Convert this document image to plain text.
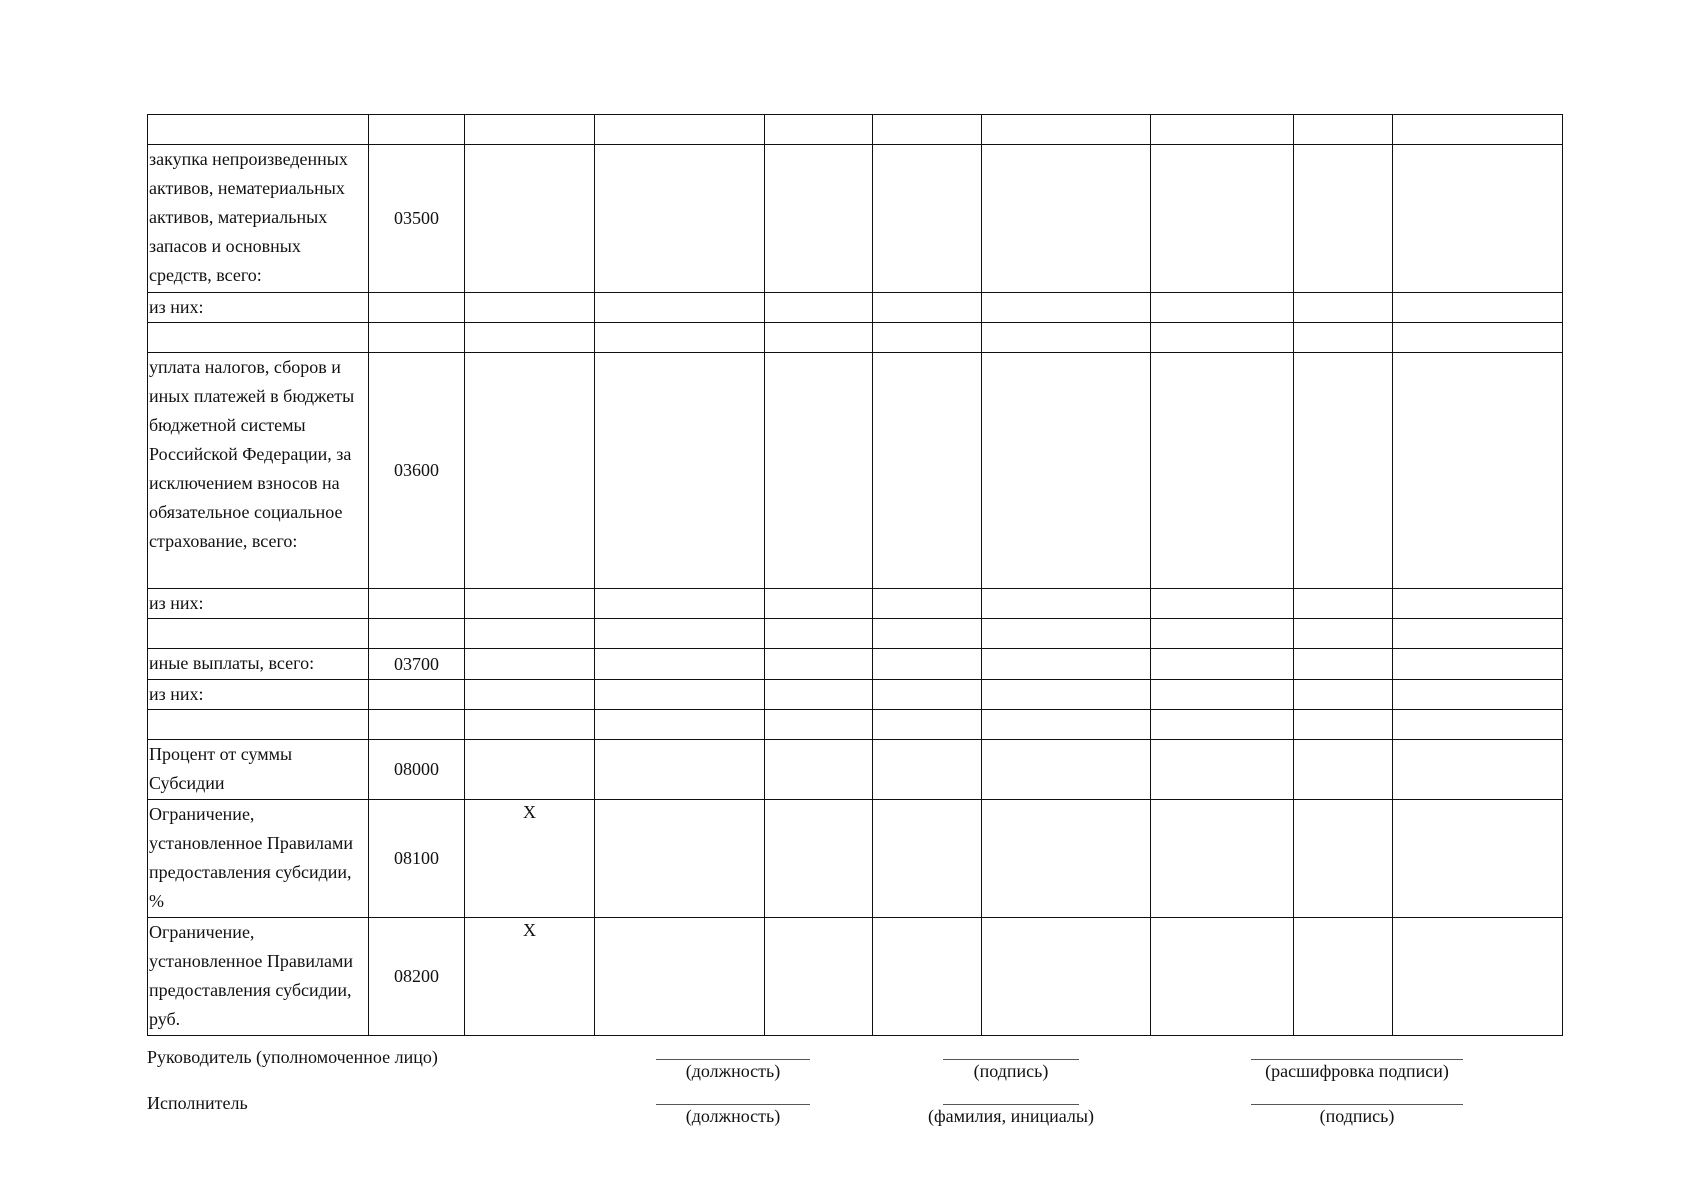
закупка непроизведенных активов, нематериальных активов, материальных запасов и основных средств, всего:	03500								
из них:									

уплата налогов, сборов и иных платежей в бюджеты бюджетной системы Российской Федерации, за исключением взносов на обязательное социальное страхование, всего:	03600								
из них:									

иные выплаты, всего:	03700								
из них:									

Процент от суммы Субсидии	08000								
Ограничение, установленное Правилами предоставления субсидии, %	08100	X							
Ограничение, установленное Правилами предоставления субсидии, руб.	08200	X							
Руководитель (уполномоченное лицо)
(должность)	(подпись)	(расшифровка подписи)
Исполнитель
(должность)	(фамилия, инициалы)	(подпись)
